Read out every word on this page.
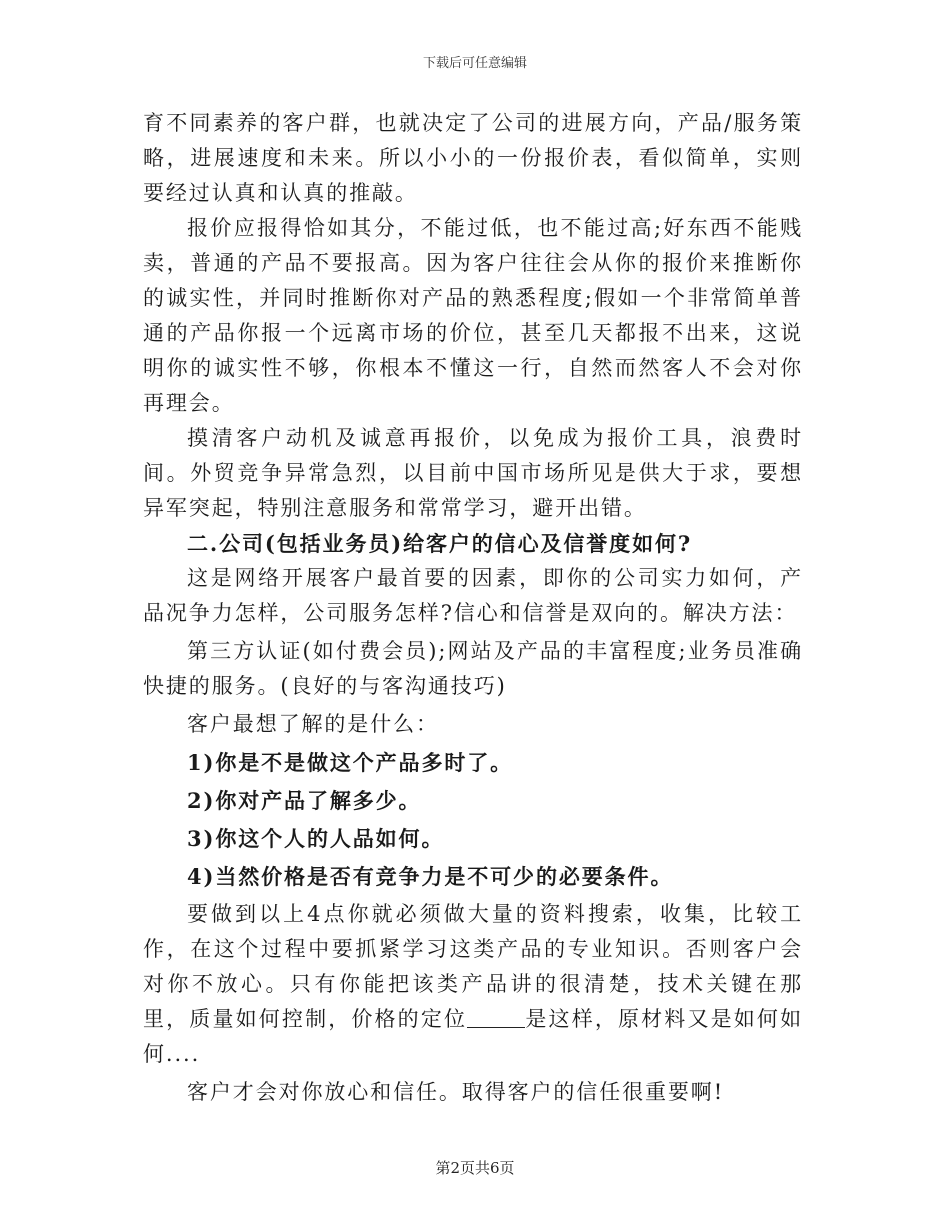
下载后可任意编辑

育不同素养的客户群，也就决定了公司的进展方向，产品/服务策略，进展速度和未来。所以小小的一份报价表，看似简单，实则要经过认真和认真的推敲。

报价应报得恰如其分，不能过低，也不能过高;好东西不能贱卖，普通的产品不要报高。因为客户往往会从你的报价来推断你的诚实性，并同时推断你对产品的熟悉程度;假如一个非常简单普通的产品你报一个远离市场的价位，甚至几天都报不出来，这说明你的诚实性不够，你根本不懂这一行，自然而然客人不会对你再理会。

摸清客户动机及诚意再报价，以免成为报价工具，浪费时间。外贸竞争异常急烈，以目前中国市场所见是供大于求，要想异军突起，特别注意服务和常常学习，避开出错。

二.公司(包括业务员)给客户的信心及信誉度如何?

这是网络开展客户最首要的因素，即你的公司实力如何，产品况争力怎样，公司服务怎样?信心和信誉是双向的。解决方法：

第三方认证(如付费会员);网站及产品的丰富程度;业务员准确快捷的服务。(良好的与客沟通技巧)

客户最想了解的是什么：

1)你是不是做这个产品多时了。

2)你对产品了解多少。

3)你这个人的人品如何。

4)当然价格是否有竞争力是不可少的必要条件。

要做到以上4点你就必须做大量的资料搜索，收集，比较工作，在这个过程中要抓紧学习这类产品的专业知识。否则客户会对你不放心。只有你能把该类产品讲的很清楚，技术关键在那里，质量如何控制，价格的定位	是这样，原材料又是如何如何....

客户才会对你放心和信任。取得客户的信任很重要啊!

第2页共6页
